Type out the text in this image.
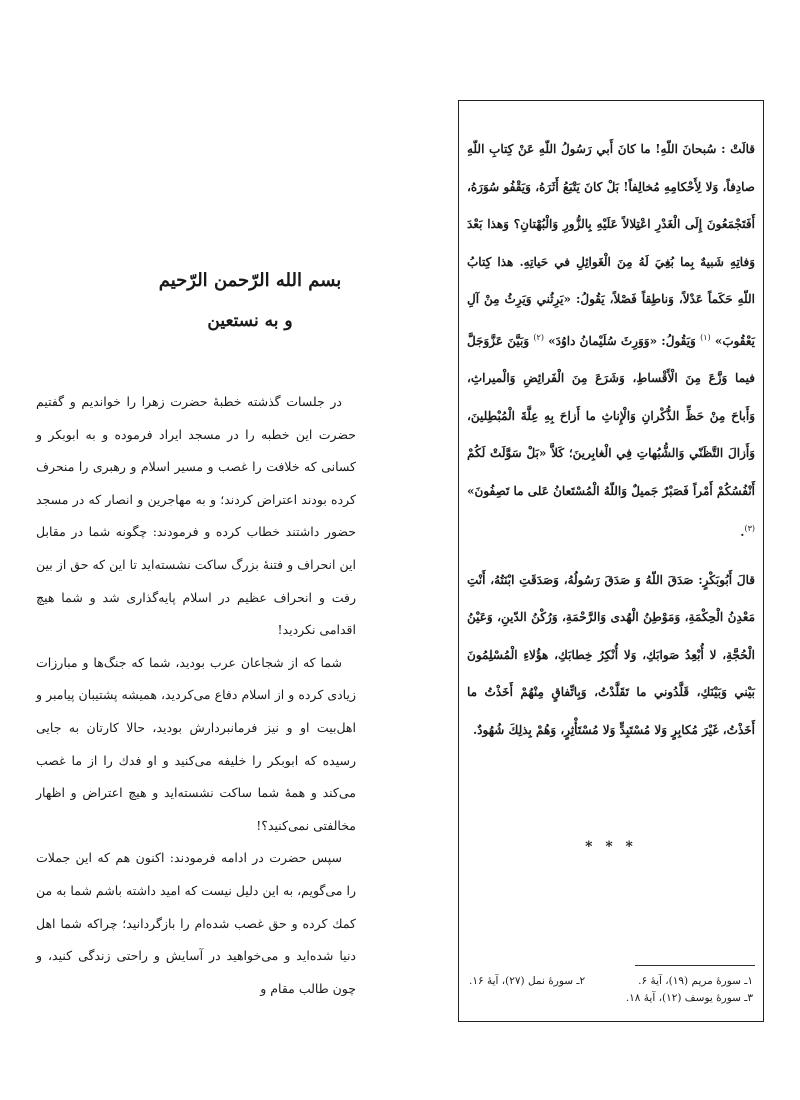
بسم الله الرّحمن الرّحيم
و به نستعين

در جلسات گذشته خطبهٔ حضرت زهرا را خوانديم و گفتيم حضرت اين خطبه را در مسجد ايراد فرموده و به ابوبكر و كسانى كه خلافت را غصب و مسير اسلام و رهبرى را منحرف كرده بودند اعتراض كردند؛ و به مهاجرين و انصار كه در مسجد حضور داشتند خطاب كرده و فرمودند: چگونه شما در مقابل اين انحراف و فتنهٔ بزرگ ساكت نشسته‌ايد تا اين كه حق از بين رفت و انحراف عظيم در اسلام پايه‌گذارى شد و شما هيچ اقدامى نكرديد!

شما كه از شجاعان عرب بوديد، شما كه جنگ‌ها و مبارزات زيادى كرده و از اسلام دفاع مى‌كرديد، هميشه پشتيبان پيامبر و اهل‌بيت او و نيز فرمانبردارش بوديد، حالا كارتان به جايى رسيده كه ابوبكر را خليفه مى‌كنيد و او فدك را از ما غصب مى‌كند و همهٔ شما ساكت نشسته‌ايد و هيچ اعتراض و اظهار مخالفتى نمى‌كنيد؟!

سپس حضرت در ادامه فرمودند: اكنون هم كه اين جملات را مى‌گويم، به اين دليل نيست كه اميد داشته باشم شما به من كمك كرده و حق غصب شده‌ام را بازگردانيد؛ چراكه شما اهل دنيا شده‌ايد و مى‌خواهيد در آسايش و راحتى زندگى كنيد، و چون طالب مقام و

قالَتْ : سُبحانَ اللّهِ! ما كانَ أَبي رَسُولُ اللّهِ عَنْ كِتابِ اللّهِ صادِفاً، وَلا لِأَحْكامِهِ مُخالِفاً! بَلْ كانَ يَتْبَعُ أَثَرَهُ، وَيَقْفُو سُوَرَهُ، أَفَتَجْمَعُونَ إِلَى الْغَدْرِ اعْتِلالاً عَلَيْهِ بِالزُّورِ وَالْبُهْتانِ؟ وَهذا بَعْدَ وَفاتِهِ شَبيهٌ بِما بُغِيَ لَهُ مِنَ الْغَوائِلِ في حَياتِهِ. هذا كِتابُ اللّهِ حَكَماً عَدْلاً، وَناطِقاً فَصْلاً، يَقُولُ: «يَرِثُني وَيَرِثُ مِنْ آلِ يَعْقُوبَ» $^{(١)}$ وَيَقُولُ: «وَوَرِثَ سُلَيْمانُ داوُدَ» $^{(٢)}$ وَبَيَّنَ عَزَّوَجَلَّ فيما وَزَّعَ مِنَ الْأَقْساطِ، وَشَرَعَ مِنَ الْفَرائِضِ وَالْميراثِ، وَأَباحَ مِنْ حَظِّ الذُّكْرانِ وَالْإِناثِ ما أَزاحَ بِهِ عِلَّةَ الْمُبْطِلينَ، وَأَزالَ التَّظَنّي وَالشُّبُهاتِ فِي الْغابِرينَ؛ كَلاَّ «بَلْ سَوَّلَتْ لَكُمْ أَنْفُسُكُمْ أَمْراً فَصَبْرٌ جَميلٌ وَاللّهُ الْمُسْتَعانُ عَلى ما تَصِفُونَ» $^{(٣)}$.

قالَ أَبُوبَكْرٍ: صَدَقَ اللّهُ وَ صَدَقَ رَسُولُهُ، وَصَدَقَتِ ابْنَتُهُ، أَنْتِ مَعْدِنُ الْحِكْمَةِ، وَمَوْطِنُ الْهُدى وَالرَّحْمَةِ، وَرُكْنُ الدّينِ، وَعَيْنُ الْحُجَّةِ، لا أُبْعِدُ صَوابَكِ، وَلا أُنْكِرُ خِطابَكِ، هؤُلاءِ الْمُسْلِمُونَ بَيْني وَبَيْنَكِ، قَلَّدُوني ما تَقَلَّدْتُ، وَبِاتِّفاقٍ مِنْهُمْ أَخَذْتُ ما أَخَذْتُ، غَيْرَ مُكابِرٍ وَلا مُسْتَبِدٍّ وَلا مُسْتَأْثِرٍ، وَهُمْ بِذلِكَ شُهُودٌ.

* * *
١ـ سورهٔ مريم (١٩)، آيهٔ ۶.
٢ـ سورهٔ نمل (٢٧)، آيهٔ ١۶.
٣ـ سورهٔ يوسف (١٢)، آيهٔ ١٨.
